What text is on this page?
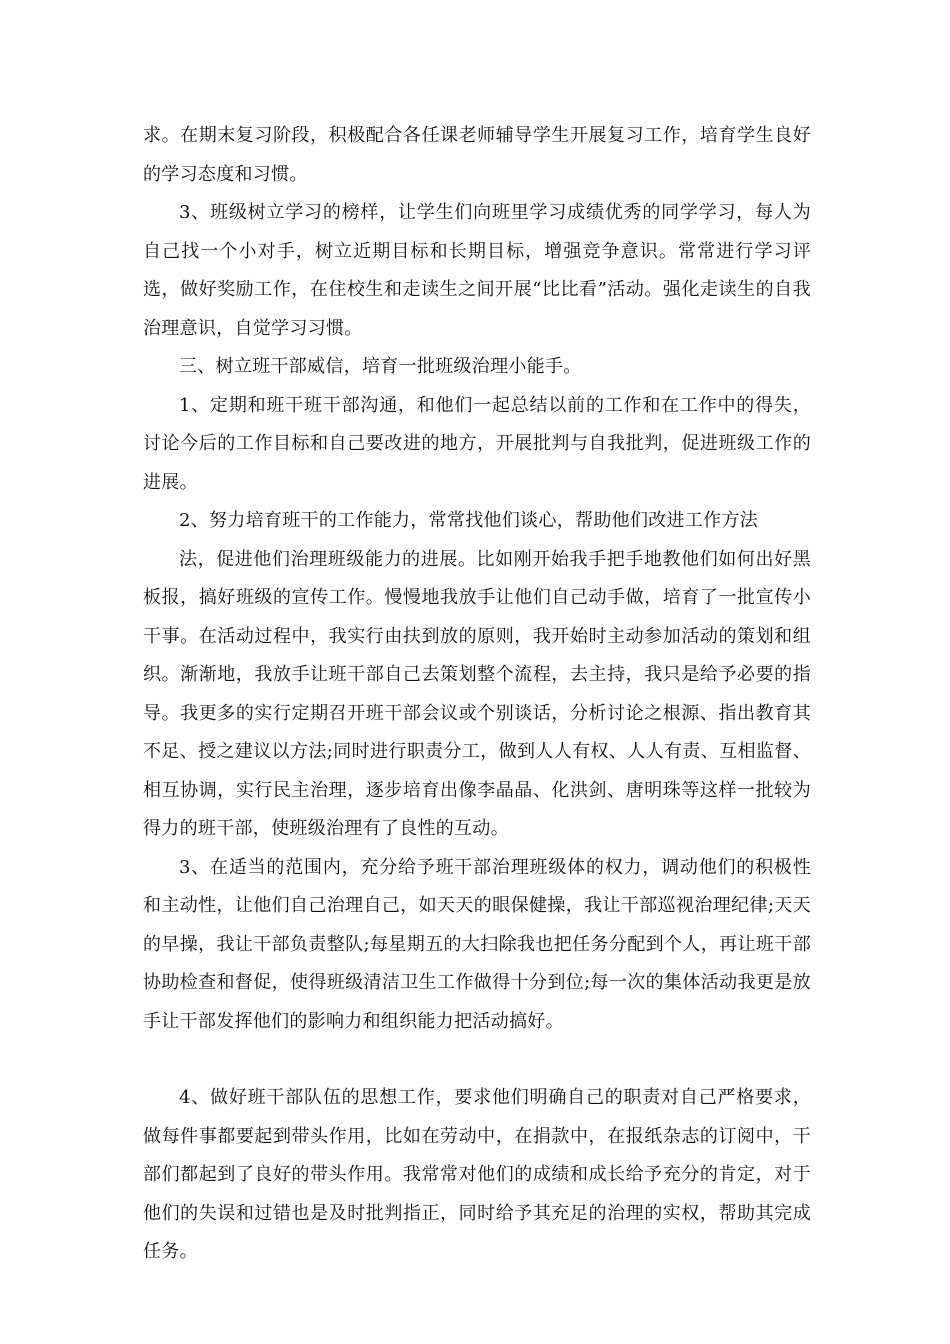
求。在期末复习阶段，积极配合各任课老师辅导学生开展复习工作，培育学生良好的学习态度和习惯。

3、班级树立学习的榜样，让学生们向班里学习成绩优秀的同学学习，每人为自己找一个小对手，树立近期目标和长期目标，增强竞争意识。常常进行学习评选，做好奖励工作，在住校生和走读生之间开展“比比看”活动。强化走读生的自我治理意识，自觉学习习惯。

三、树立班干部威信，培育一批班级治理小能手。

1、定期和班干班干部沟通，和他们一起总结以前的工作和在工作中的得失，讨论今后的工作目标和自己要改进的地方，开展批判与自我批判，促进班级工作的进展。

2、努力培育班干的工作能力，常常找他们谈心，帮助他们改进工作方法

法，促进他们治理班级能力的进展。比如刚开始我手把手地教他们如何出好黑板报，搞好班级的宣传工作。慢慢地我放手让他们自己动手做，培育了一批宣传小干事。在活动过程中，我实行由扶到放的原则，我开始时主动参加活动的策划和组织。渐渐地，我放手让班干部自己去策划整个流程，去主持，我只是给予必要的指导。我更多的实行定期召开班干部会议或个别谈话，分析讨论之根源、指出教育其不足、授之建议以方法;同时进行职责分工，做到人人有权、人人有责、互相监督、相互协调，实行民主治理，逐步培育出像李晶晶、化洪剑、唐明珠等这样一批较为得力的班干部，使班级治理有了良性的互动。

3、在适当的范围内，充分给予班干部治理班级体的权力，调动他们的积极性和主动性，让他们自己治理自己，如天天的眼保健操，我让干部巡视治理纪律;天天的早操，我让干部负责整队;每星期五的大扫除我也把任务分配到个人，再让班干部协助检查和督促，使得班级清洁卫生工作做得十分到位;每一次的集体活动我更是放手让干部发挥他们的影响力和组织能力把活动搞好。

4、做好班干部队伍的思想工作，要求他们明确自己的职责对自己严格要求，做每件事都要起到带头作用，比如在劳动中，在捐款中，在报纸杂志的订阅中，干部们都起到了良好的带头作用。我常常对他们的成绩和成长给予充分的肯定，对于他们的失误和过错也是及时批判指正，同时给予其充足的治理的实权，帮助其完成任务。
